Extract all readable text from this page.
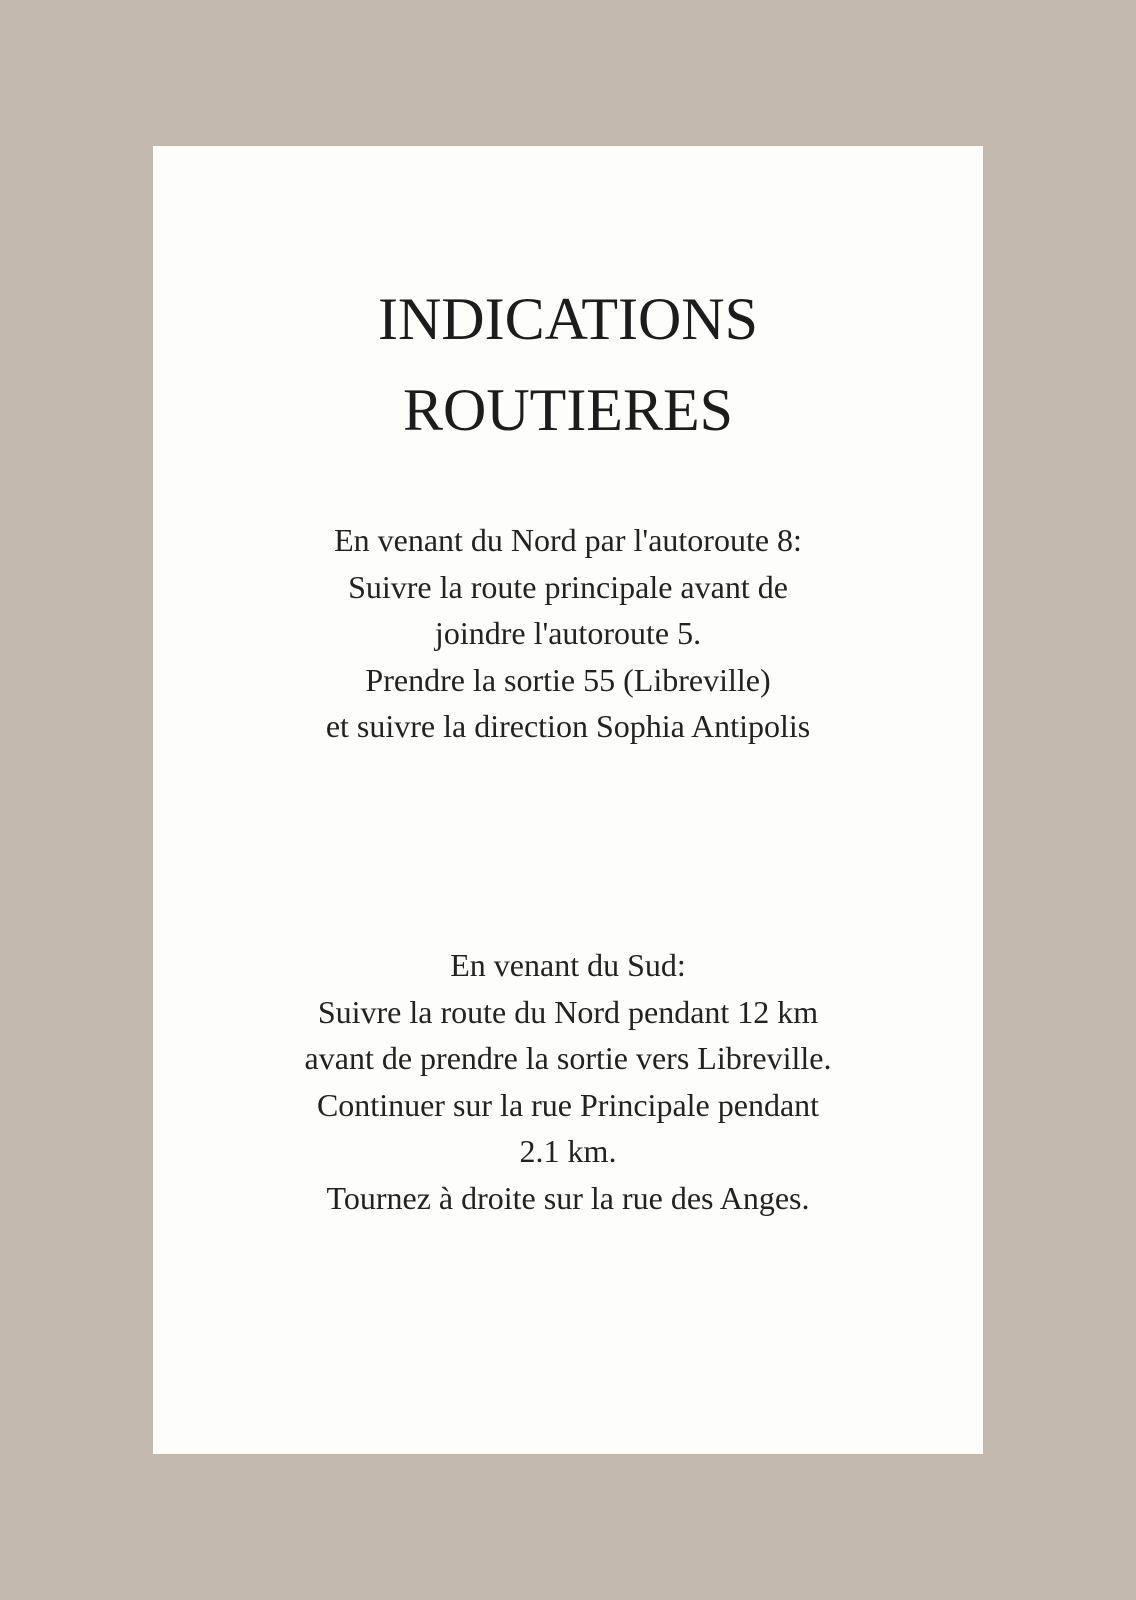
INDICATIONS
ROUTIERES
En venant du Nord par l'autoroute 8:
Suivre la route principale avant de
joindre l'autoroute 5.
Prendre la sortie 55 (Libreville)
et suivre la direction Sophia Antipolis
En venant du Sud:
Suivre la route du Nord pendant 12 km
avant de prendre la sortie vers Libreville.
Continuer sur la rue Principale pendant
2.1 km.
Tournez à droite sur la rue des Anges.
